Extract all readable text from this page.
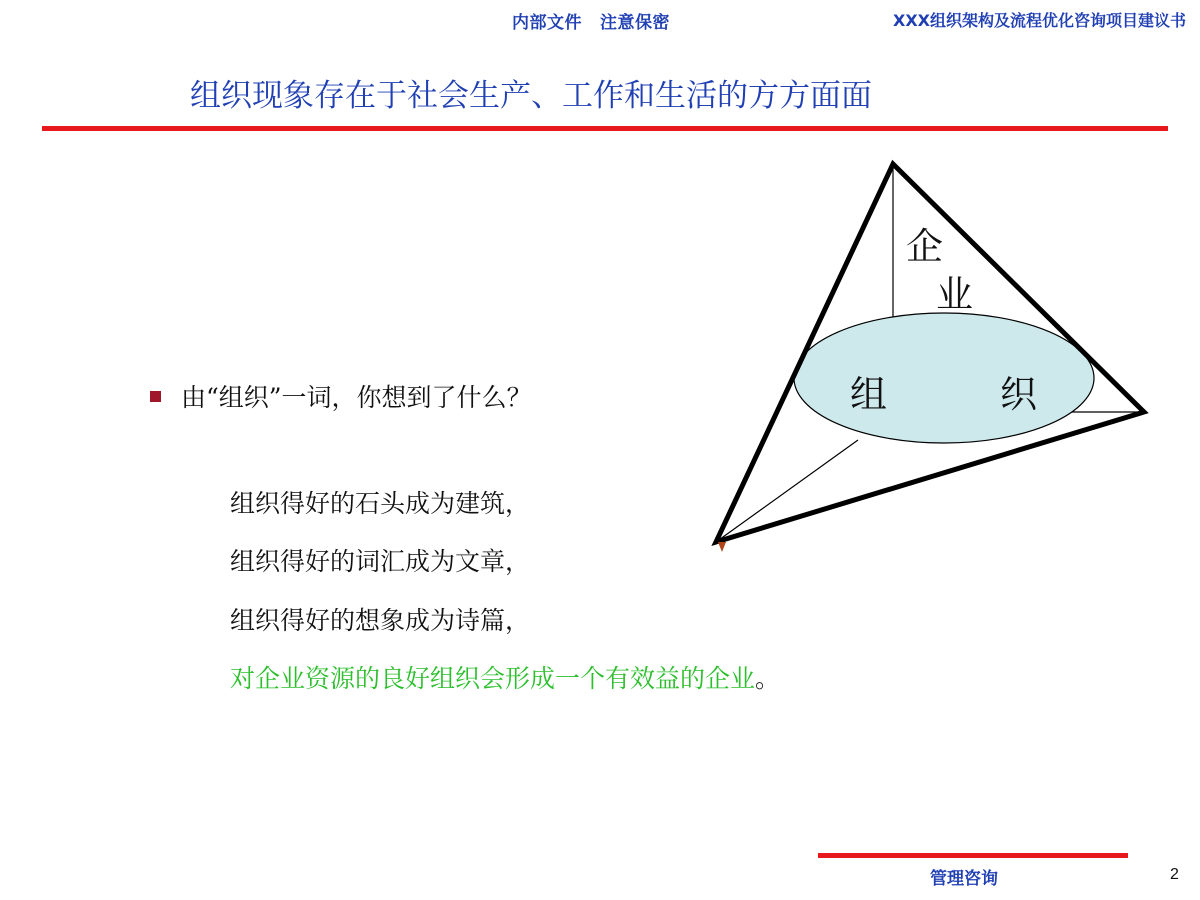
内部文件 注意保密	XXX组织架构及流程优化咨询项目建议书
组织现象存在于社会生产、工作和生活的方方面面
由“组织”一词，你想到了什么？
组织得好的石头成为建筑，
组织得好的词汇成为文章，
组织得好的想象成为诗篇，
对企业资源的良好组织会形成一个有效益的企业。
企
业
组	织
管理咨询	2
